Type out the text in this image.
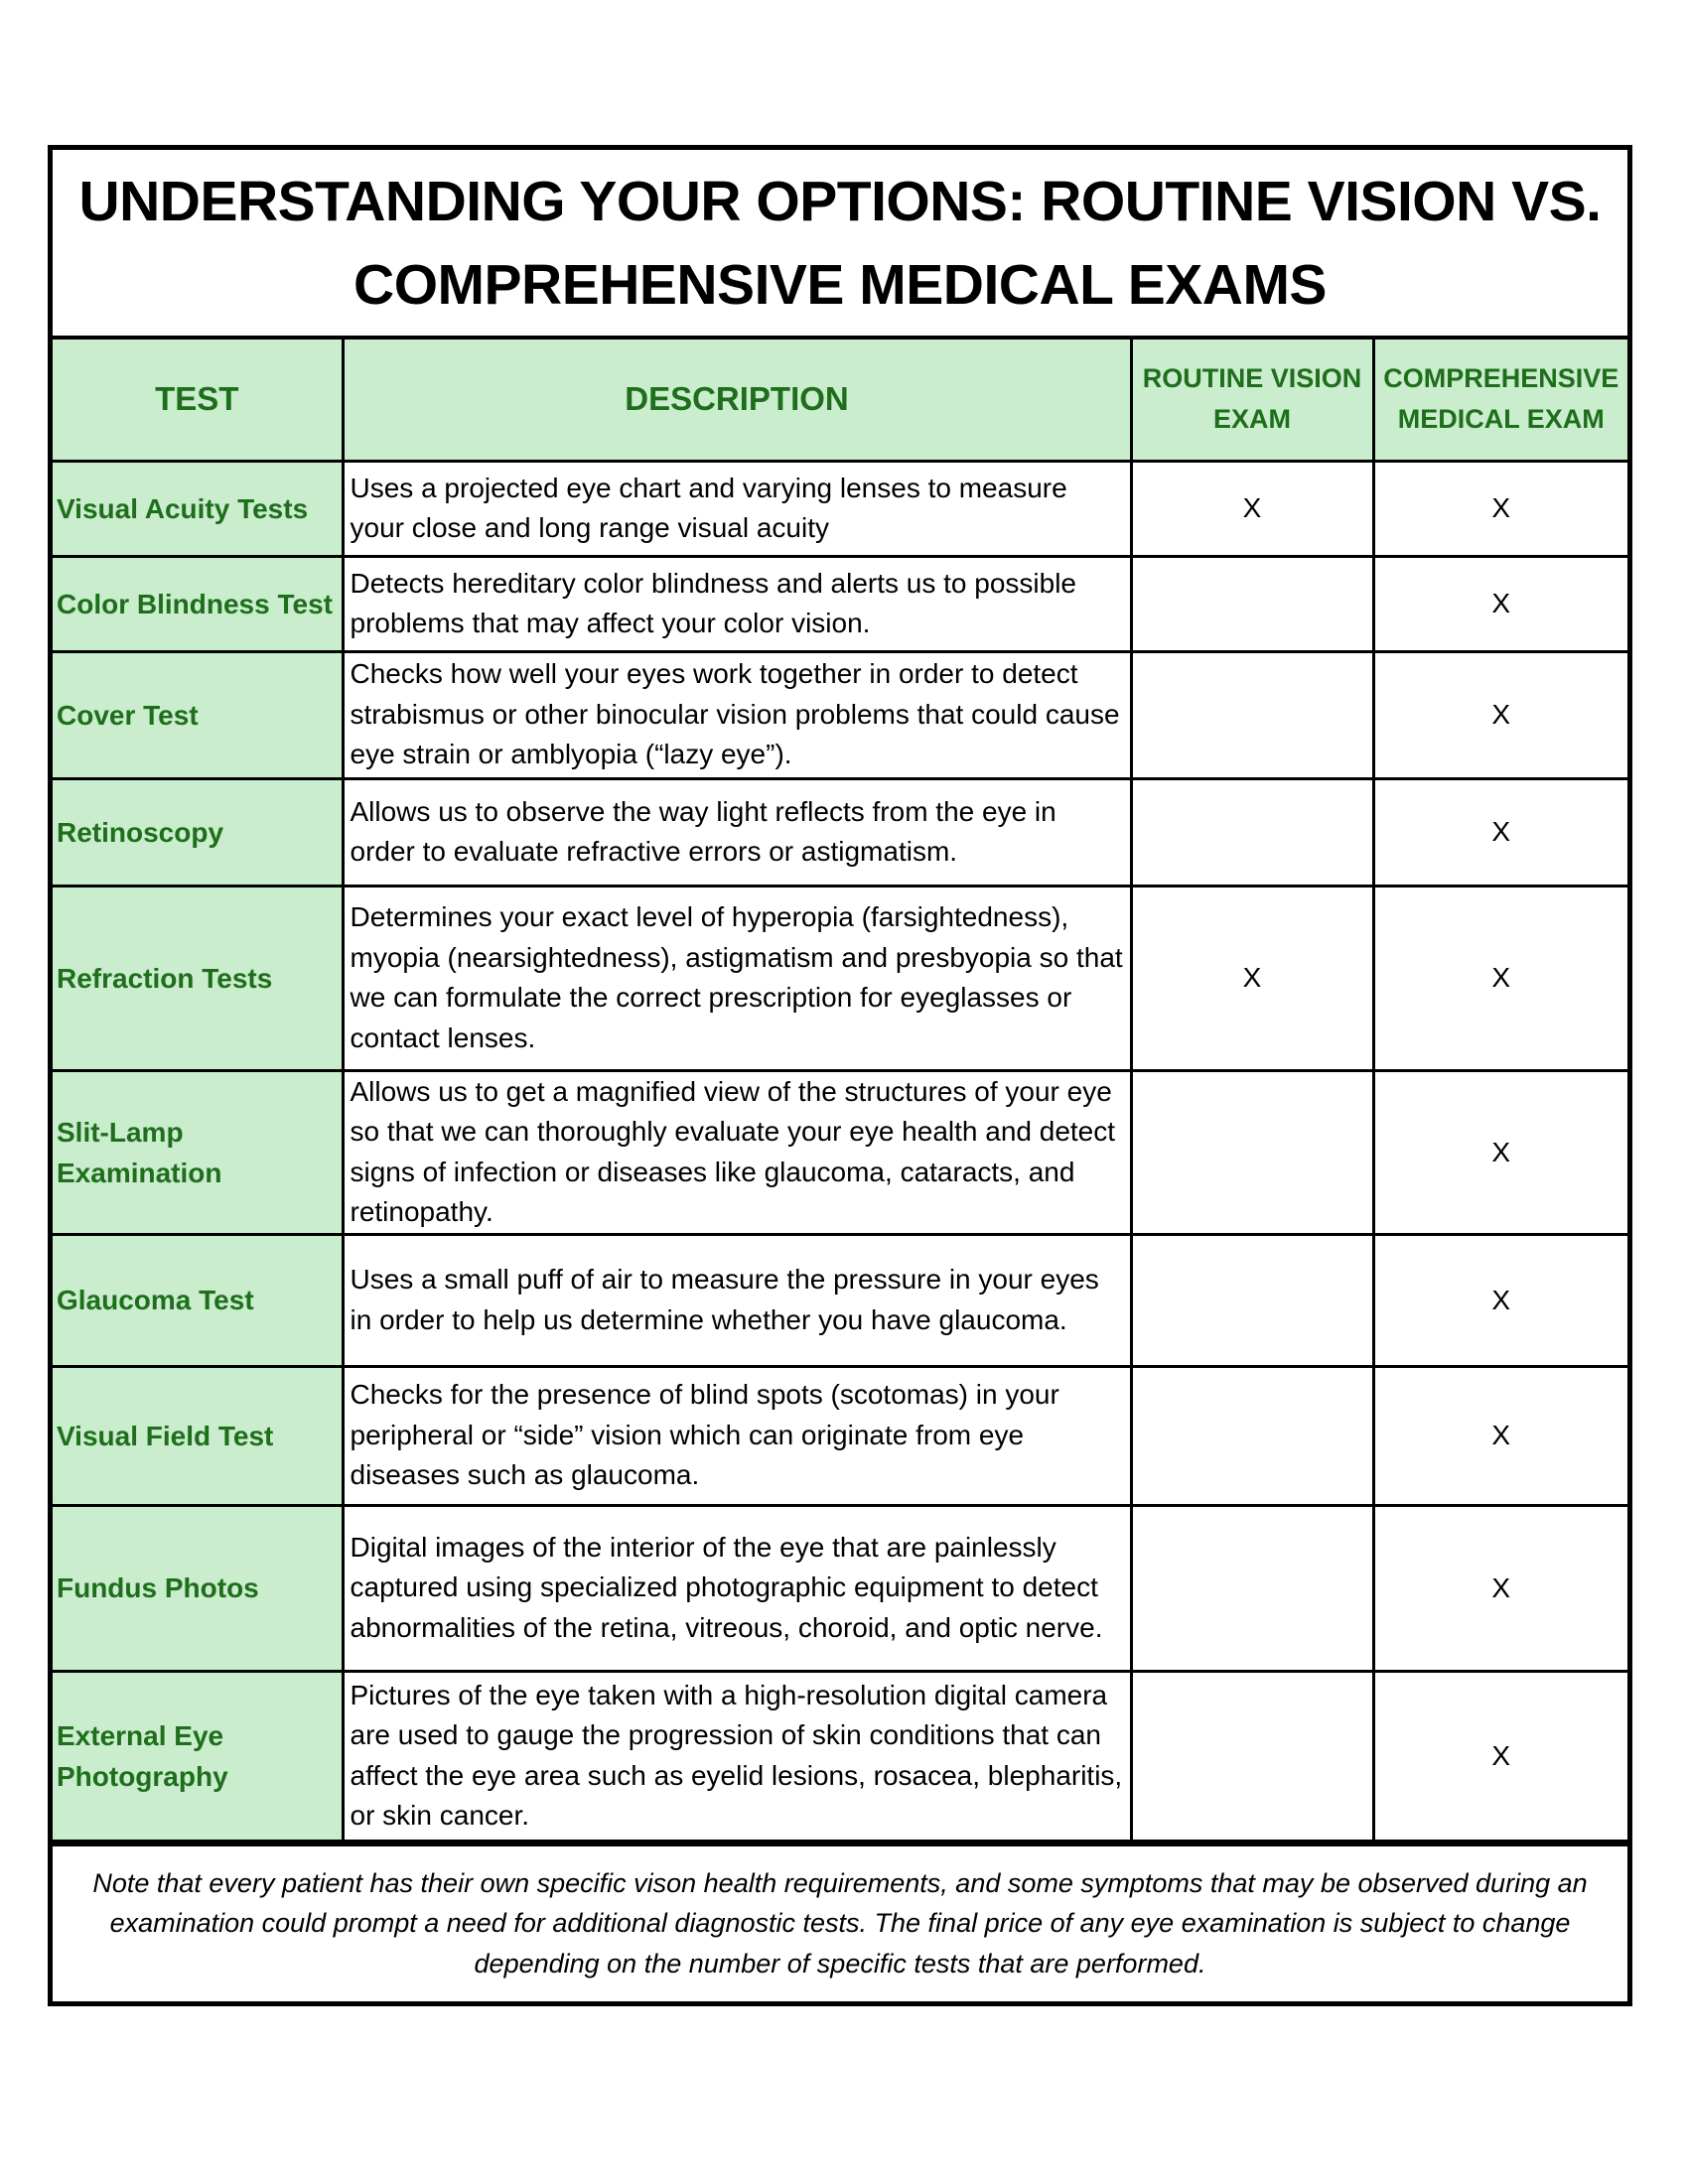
UNDERSTANDING YOUR OPTIONS: ROUTINE VISION VS. COMPREHENSIVE MEDICAL EXAMS
TEST	DESCRIPTION	ROUTINE VISION EXAM	COMPREHENSIVE MEDICAL EXAM
Visual Acuity Tests	Uses a projected eye chart and varying lenses to measure your close and long range visual acuity	X	X
Color Blindness Test	Detects hereditary color blindness and alerts us to possible problems that may affect your color vision.		X
Cover Test	Checks how well your eyes work together in order to detect strabismus or other binocular vision problems that could cause eye strain or amblyopia (“lazy eye”).		X
Retinoscopy	Allows us to observe the way light reflects from the eye in order to evaluate refractive errors or astigmatism.		X
Refraction Tests	Determines your exact level of hyperopia (farsightedness), myopia (nearsightedness), astigmatism and presbyopia so that we can formulate the correct prescription for eyeglasses or contact lenses.	X	X
Slit-Lamp Examination	Allows us to get a magnified view of the structures of your eye so that we can thoroughly evaluate your eye health and detect signs of infection or diseases like glaucoma, cataracts, and retinopathy.		X
Glaucoma Test	Uses a small puff of air to measure the pressure in your eyes in order to help us determine whether you have glaucoma.		X
Visual Field Test	Checks for the presence of blind spots (scotomas) in your peripheral or “side” vision which can originate from eye diseases such as glaucoma.		X
Fundus Photos	Digital images of the interior of the eye that are painlessly captured using specialized photographic equipment to detect abnormalities of the retina, vitreous, choroid, and optic nerve.		X
External Eye Photography	Pictures of the eye taken with a high-resolution digital camera are used to gauge the progression of skin conditions that can affect the eye area such as eyelid lesions, rosacea, blepharitis, or skin cancer.		X
Note that every patient has their own specific vison health requirements, and some symptoms that may be observed during an examination could prompt a need for additional diagnostic tests. The final price of any eye examination is subject to change depending on the number of specific tests that are performed.
